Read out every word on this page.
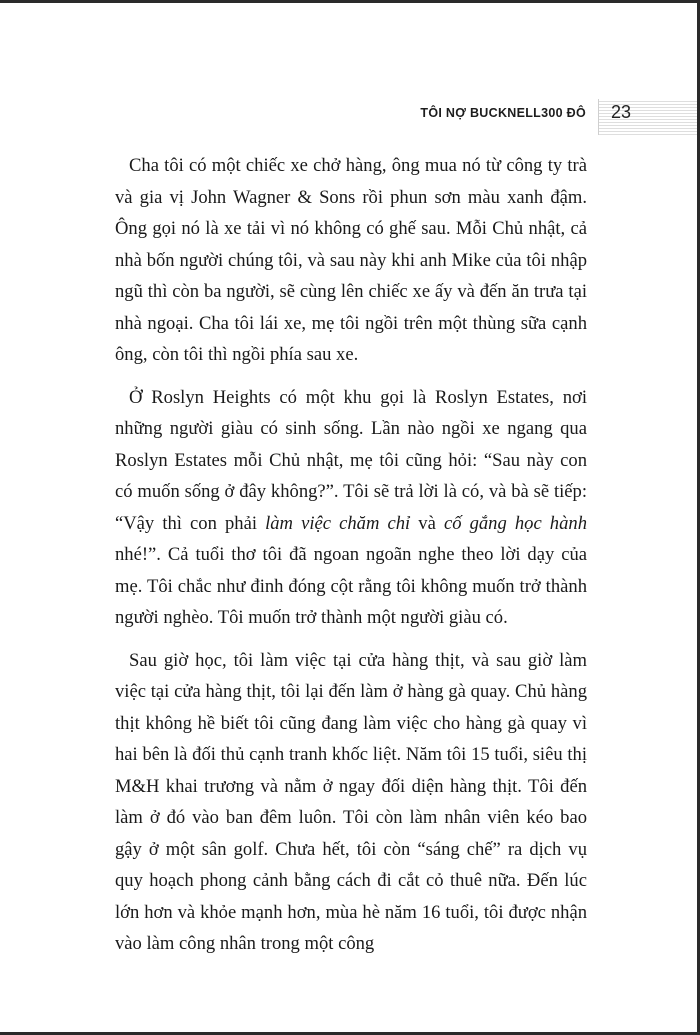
TÔI NỢ BUCKNELL300 ĐÔ 23

Cha tôi có một chiếc xe chở hàng, ông mua nó từ công ty trà và gia vị John Wagner & Sons rồi phun sơn màu xanh đậm. Ông gọi nó là xe tải vì nó không có ghế sau. Mỗi Chủ nhật, cả nhà bốn người chúng tôi, và sau này khi anh Mike của tôi nhập ngũ thì còn ba người, sẽ cùng lên chiếc xe ấy và đến ăn trưa tại nhà ngoại. Cha tôi lái xe, mẹ tôi ngồi trên một thùng sữa cạnh ông, còn tôi thì ngồi phía sau xe.

Ở Roslyn Heights có một khu gọi là Roslyn Estates, nơi những người giàu có sinh sống. Lần nào ngồi xe ngang qua Roslyn Estates mỗi Chủ nhật, mẹ tôi cũng hỏi: “Sau này con có muốn sống ở đây không?”. Tôi sẽ trả lời là có, và bà sẽ tiếp: “Vậy thì con phải làm việc chăm chỉ và cố gắng học hành nhé!”. Cả tuổi thơ tôi đã ngoan ngoãn nghe theo lời dạy của mẹ. Tôi chắc như đinh đóng cột rằng tôi không muốn trở thành người nghèo. Tôi muốn trở thành một người giàu có.

Sau giờ học, tôi làm việc tại cửa hàng thịt, và sau giờ làm việc tại cửa hàng thịt, tôi lại đến làm ở hàng gà quay. Chủ hàng thịt không hề biết tôi cũng đang làm việc cho hàng gà quay vì hai bên là đối thủ cạnh tranh khốc liệt. Năm tôi 15 tuổi, siêu thị M&H khai trương và nằm ở ngay đối diện hàng thịt. Tôi đến làm ở đó vào ban đêm luôn. Tôi còn làm nhân viên kéo bao gậy ở một sân golf. Chưa hết, tôi còn “sáng chế” ra dịch vụ quy hoạch phong cảnh bằng cách đi cắt cỏ thuê nữa. Đến lúc lớn hơn và khỏe mạnh hơn, mùa hè năm 16 tuổi, tôi được nhận vào làm công nhân trong một công
